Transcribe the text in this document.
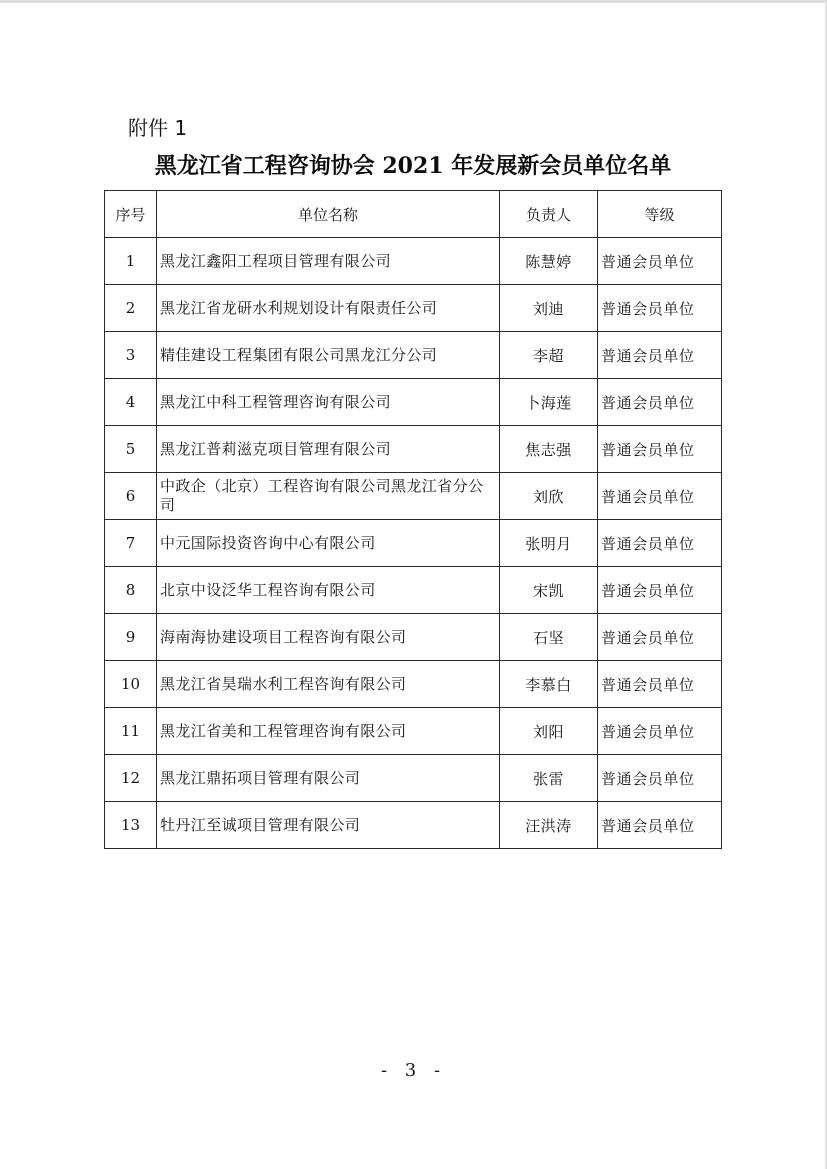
附件 1
黑龙江省工程咨询协会 2021 年发展新会员单位名单
序号	单位名称	负责人	等级
1	黑龙江鑫阳工程项目管理有限公司	陈慧婷	普通会员单位
2	黑龙江省龙研水利规划设计有限责任公司	刘迪	普通会员单位
3	精佳建设工程集团有限公司黑龙江分公司	李超	普通会员单位
4	黑龙江中科工程管理咨询有限公司	卜海莲	普通会员单位
5	黑龙江普莉滋克项目管理有限公司	焦志强	普通会员单位
6	中政企（北京）工程咨询有限公司黑龙江省分公司	刘欣	普通会员单位
7	中元国际投资咨询中心有限公司	张明月	普通会员单位
8	北京中设泛华工程咨询有限公司	宋凯	普通会员单位
9	海南海协建设项目工程咨询有限公司	石坚	普通会员单位
10	黑龙江省昊瑞水利工程咨询有限公司	李慕白	普通会员单位
11	黑龙江省美和工程管理咨询有限公司	刘阳	普通会员单位
12	黑龙江鼎拓项目管理有限公司	张雷	普通会员单位
13	牡丹江至诚项目管理有限公司	汪洪涛	普通会员单位
- 3 -
